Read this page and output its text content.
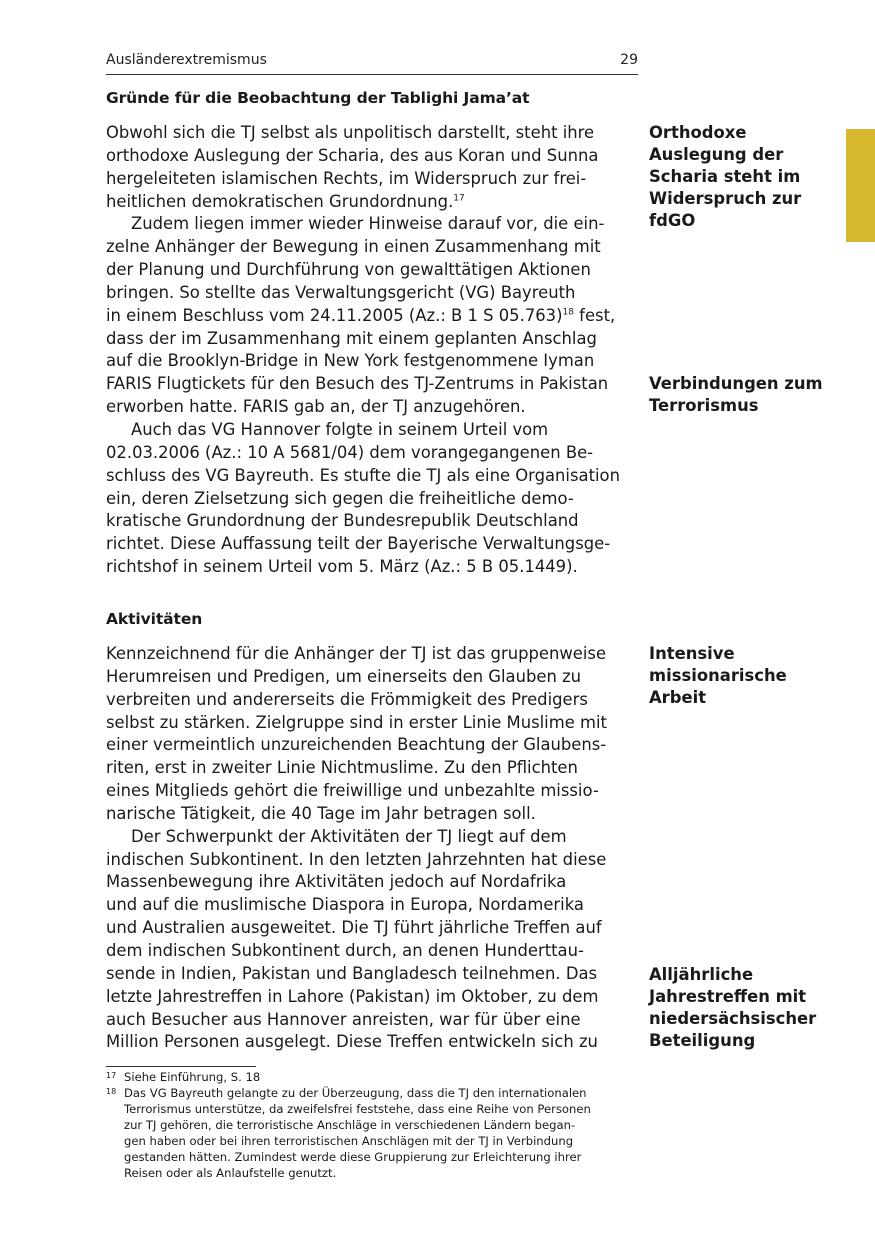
Ausländerextremismus	29
Gründe für die Beobachtung der Tablighi Jama’at
Obwohl sich die TJ selbst als unpolitisch darstellt, steht ihre
orthodoxe Auslegung der Scharia, des aus Koran und Sunna
hergeleiteten islamischen Rechts, im Widerspruch zur frei-
heitlichen demokratischen Grundordnung.$^{17}$
Zudem liegen immer wieder Hinweise darauf vor, die ein-
zelne Anhänger der Bewegung in einen Zusammenhang mit
der Planung und Durchführung von gewalttätigen Aktionen
bringen. So stellte das Verwaltungsgericht (VG) Bayreuth
in einem Beschluss vom 24.11.2005 (Az.: B 1 S 05.763)$^{18}$ fest,
dass der im Zusammenhang mit einem geplanten Anschlag
auf die Brooklyn-Bridge in New York festgenommene Iyman
FARIS Flugtickets für den Besuch des TJ-Zentrums in Pakistan
erworben hatte. FARIS gab an, der TJ anzugehören.
Auch das VG Hannover folgte in seinem Urteil vom
02.03.2006 (Az.: 10 A 5681/04) dem vorangegangenen Be-
schluss des VG Bayreuth. Es stufte die TJ als eine Organisation
ein, deren Zielsetzung sich gegen die freiheitliche demo-
kratische Grundordnung der Bundesrepublik Deutschland
richtet. Diese Auffassung teilt der Bayerische Verwaltungsge-
richtshof in seinem Urteil vom 5. März (Az.: 5 B 05.1449).
Aktivitäten
Kennzeichnend für die Anhänger der TJ ist das gruppenweise
Herumreisen und Predigen, um einerseits den Glauben zu
verbreiten und andererseits die Frömmigkeit des Predigers
selbst zu stärken. Zielgruppe sind in erster Linie Muslime mit
einer vermeintlich unzureichenden Beachtung der Glaubens-
riten, erst in zweiter Linie Nichtmuslime. Zu den Pflichten
eines Mitglieds gehört die freiwillige und unbezahlte missio-
narische Tätigkeit, die 40 Tage im Jahr betragen soll.
Der Schwerpunkt der Aktivitäten der TJ liegt auf dem
indischen Subkontinent. In den letzten Jahrzehnten hat diese
Massenbewegung ihre Aktivitäten jedoch auf Nordafrika
und auf die muslimische Diaspora in Europa, Nordamerika
und Australien ausgeweitet. Die TJ führt jährliche Treffen auf
dem indischen Subkontinent durch, an denen Hunderttau-
sende in Indien, Pakistan und Bangladesch teilnehmen. Das
letzte Jahrestreffen in Lahore (Pakistan) im Oktober, zu dem
auch Besucher aus Hannover anreisten, war für über eine
Million Personen ausgelegt. Diese Treffen entwickeln sich zu
Orthodoxe
Auslegung der
Scharia steht im
Widerspruch zur
fdGO
Verbindungen zum
Terrorismus
Intensive
missionarische
Arbeit
Alljährliche
Jahrestreffen mit
niedersächsischer
Beteiligung
17 Siehe Einführung, S. 18
18 Das VG Bayreuth gelangte zu der Überzeugung, dass die TJ den internationalen
Terrorismus unterstütze, da zweifelsfrei feststehe, dass eine Reihe von Personen
zur TJ gehören, die terroristische Anschläge in verschiedenen Ländern began-
gen haben oder bei ihren terroristischen Anschlägen mit der TJ in Verbindung
gestanden hätten. Zumindest werde diese Gruppierung zur Erleichterung ihrer
Reisen oder als Anlaufstelle genutzt.
